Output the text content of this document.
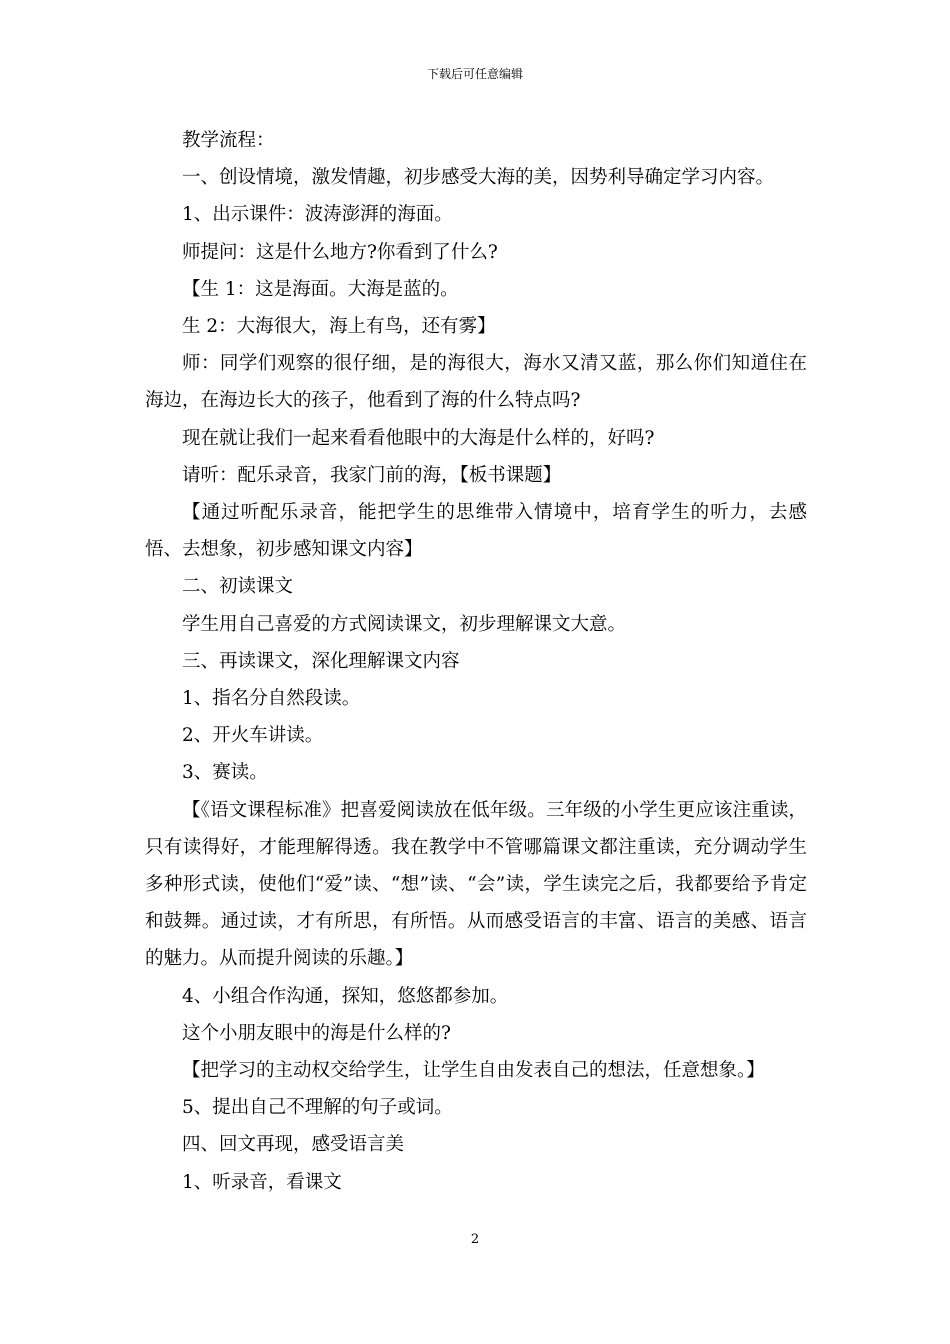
下载后可任意编辑

教学流程：

一、创设情境，激发情趣，初步感受大海的美，因势利导确定学习内容。

1、出示课件：波涛澎湃的海面。

师提问：这是什么地方?你看到了什么?

【生 1：这是海面。大海是蓝的。

生 2：大海很大，海上有鸟，还有雾】

师：同学们观察的很仔细，是的海很大，海水又清又蓝，那么你们知道住在海边，在海边长大的孩子，他看到了海的什么特点吗?

现在就让我们一起来看看他眼中的大海是什么样的，好吗?

请听：配乐录音，我家门前的海，【板书课题】

【通过听配乐录音，能把学生的思维带入情境中，培育学生的听力，去感悟、去想象，初步感知课文内容】

二、初读课文

学生用自己喜爱的方式阅读课文，初步理解课文大意。

三、再读课文，深化理解课文内容

1、指名分自然段读。

2、开火车讲读。

3、赛读。

【《语文课程标准》把喜爱阅读放在低年级。三年级的小学生更应该注重读，只有读得好，才能理解得透。我在教学中不管哪篇课文都注重读，充分调动学生多种形式读，使他们“爱”读、“想”读、“会”读，学生读完之后，我都要给予肯定和鼓舞。通过读，才有所思，有所悟。从而感受语言的丰富、语言的美感、语言的魅力。从而提升阅读的乐趣。】

4、小组合作沟通，探知，悠悠都参加。

这个小朋友眼中的海是什么样的?

【把学习的主动权交给学生，让学生自由发表自己的想法，任意想象。】

5、提出自己不理解的句子或词。

四、回文再现，感受语言美

1、听录音，看课文

2
